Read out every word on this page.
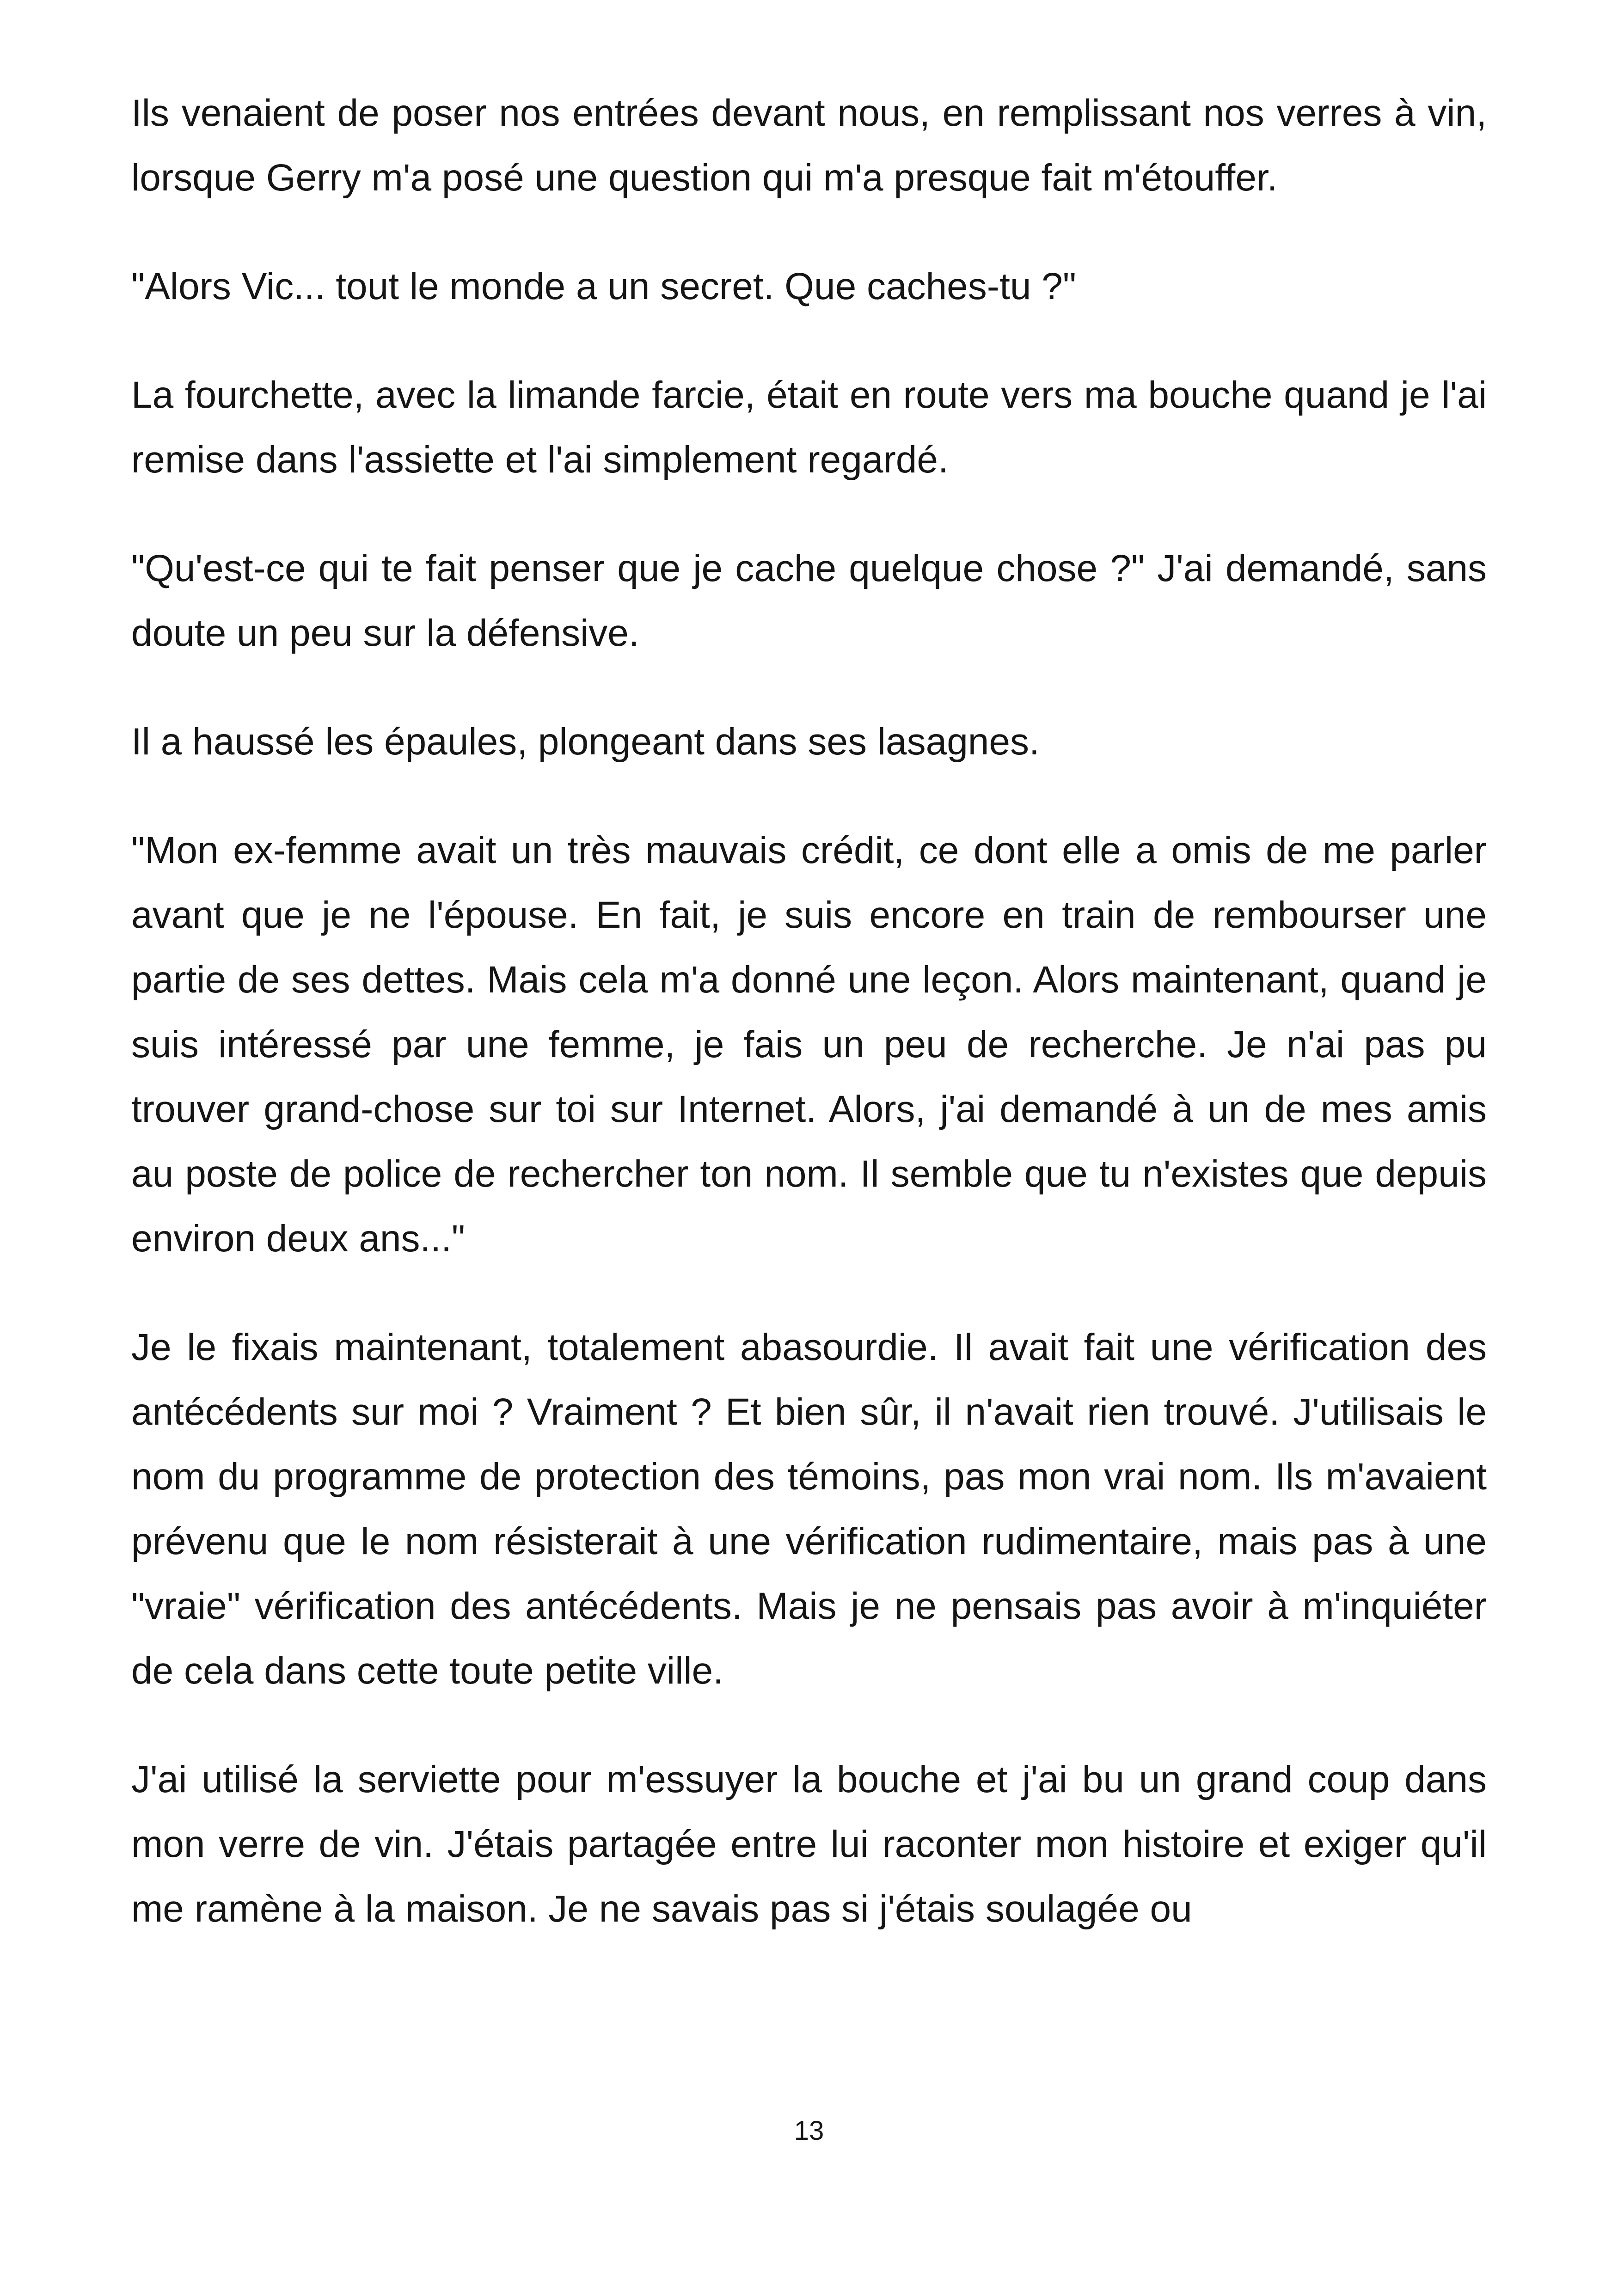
Ils venaient de poser nos entrées devant nous, en remplissant nos verres à vin, lorsque Gerry m'a posé une question qui m'a presque fait m'étouffer.

"Alors Vic... tout le monde a un secret. Que caches-tu ?"

La fourchette, avec la limande farcie, était en route vers ma bouche quand je l'ai remise dans l'assiette et l'ai simplement regardé.

"Qu'est-ce qui te fait penser que je cache quelque chose ?" J'ai demandé, sans doute un peu sur la défensive.

Il a haussé les épaules, plongeant dans ses lasagnes.

"Mon ex-femme avait un très mauvais crédit, ce dont elle a omis de me parler avant que je ne l'épouse. En fait, je suis encore en train de rembourser une partie de ses dettes. Mais cela m'a donné une leçon. Alors maintenant, quand je suis intéressé par une femme, je fais un peu de recherche. Je n'ai pas pu trouver grand-chose sur toi sur Internet. Alors, j'ai demandé à un de mes amis au poste de police de rechercher ton nom. Il semble que tu n'existes que depuis environ deux ans..."

Je le fixais maintenant, totalement abasourdie. Il avait fait une vérification des antécédents sur moi ? Vraiment ? Et bien sûr, il n'avait rien trouvé. J'utilisais le nom du programme de protection des témoins, pas mon vrai nom. Ils m'avaient prévenu que le nom résisterait à une vérification rudimentaire, mais pas à une "vraie" vérification des antécédents. Mais je ne pensais pas avoir à m'inquiéter de cela dans cette toute petite ville.

J'ai utilisé la serviette pour m'essuyer la bouche et j'ai bu un grand coup dans mon verre de vin. J'étais partagée entre lui raconter mon histoire et exiger qu'il me ramène à la maison. Je ne savais pas si j'étais soulagée ou

13
